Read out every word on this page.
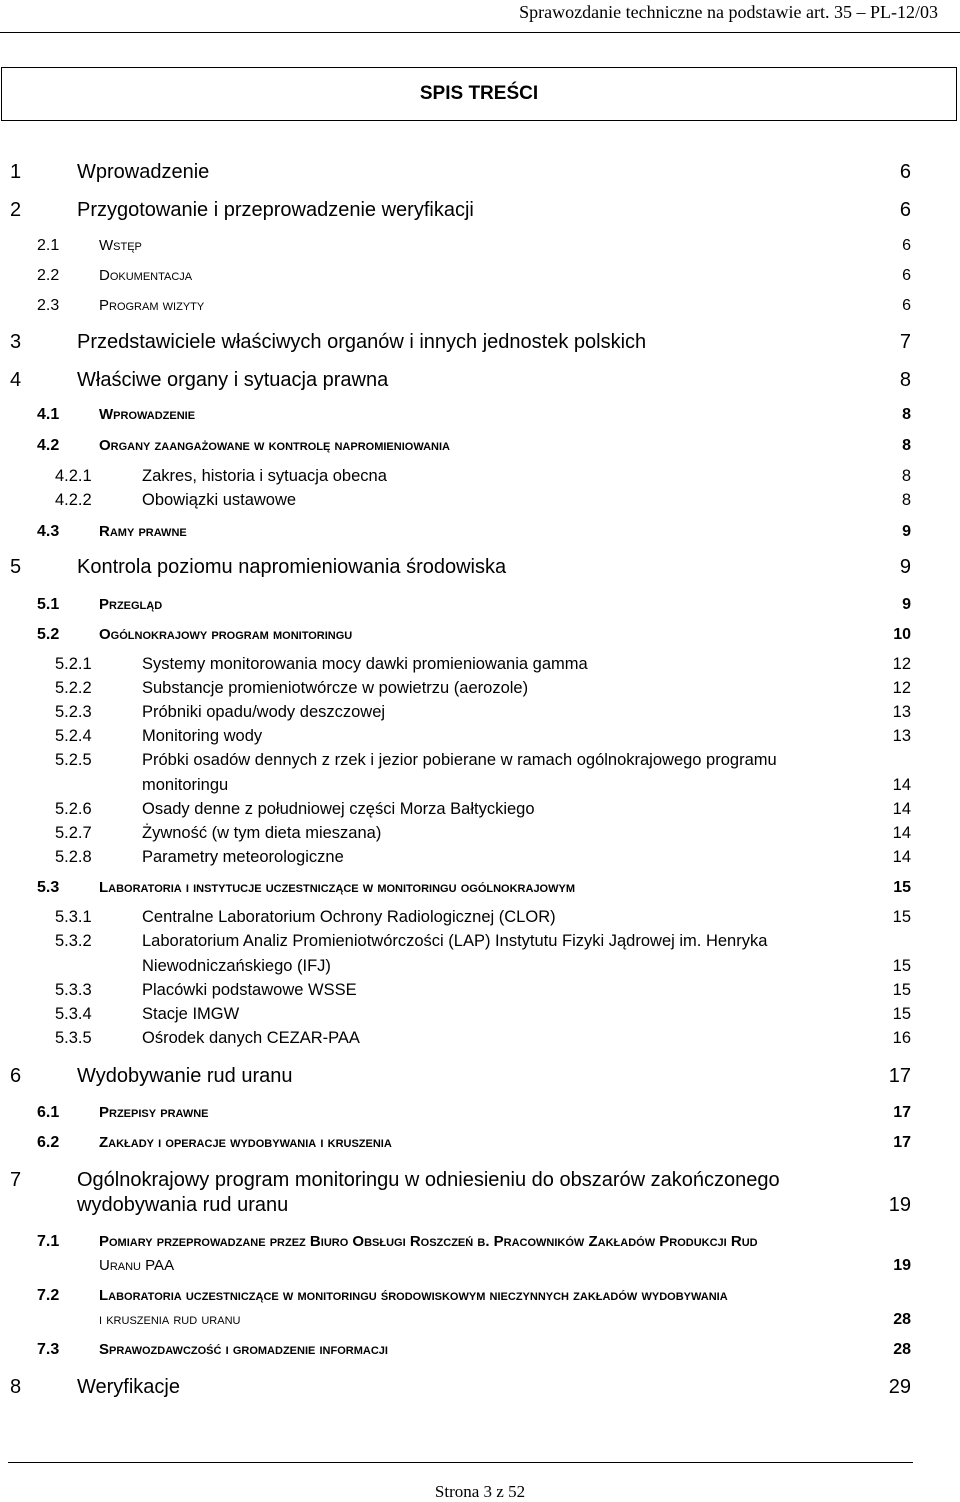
Sprawozdanie techniczne na podstawie art. 35 – PL-12/03
SPIS TREŚCI
1	Wprowadzenie	6
2	Przygotowanie i przeprowadzenie weryfikacji	6
2.1	Wstęp	6
2.2	Dokumentacja	6
2.3	Program wizyty	6
3	Przedstawiciele właściwych organów i innych jednostek polskich	7
4	Właściwe organy i sytuacja prawna	8
4.1	Wprowadzenie	8
4.2	Organy zaangażowane w kontrolę napromieniowania	8
4.2.1	Zakres, historia i sytuacja obecna	8
4.2.2	Obowiązki ustawowe	8
4.3	Ramy prawne	9
5	Kontrola poziomu napromieniowania środowiska	9
5.1	Przegląd	9
5.2	Ogólnokrajowy program monitoringu	10
5.2.1	Systemy monitorowania mocy dawki promieniowania gamma	12
5.2.2	Substancje promieniotwórcze w powietrzu (aerozole)	12
5.2.3	Próbniki opadu/wody deszczowej	13
5.2.4	Monitoring wody	13
5.2.5	Próbki osadów dennych z rzek i jezior pobierane w ramach ogólnokrajowego programu
monitoringu	14
5.2.6	Osady denne z południowej części Morza Bałtyckiego	14
5.2.7	Żywność (w tym dieta mieszana)	14
5.2.8	Parametry meteorologiczne	14
5.3	Laboratoria i instytucje uczestniczące w monitoringu ogólnokrajowym	15
5.3.1	Centralne Laboratorium Ochrony Radiologicznej (CLOR)	15
5.3.2	Laboratorium Analiz Promieniotwórczości (LAP) Instytutu Fizyki Jądrowej im. Henryka
Niewodniczańskiego (IFJ)	15
5.3.3	Placówki podstawowe WSSE	15
5.3.4	Stacje IMGW	15
5.3.5	Ośrodek danych CEZAR-PAA	16
6	Wydobywanie rud uranu	17
6.1	Przepisy prawne	17
6.2	Zakłady i operacje wydobywania i kruszenia	17
7	Ogólnokrajowy program monitoringu w odniesieniu do obszarów zakończonego
wydobywania rud uranu	19
7.1	Pomiary przeprowadzane przez Biuro Obsługi Roszczeń b. Pracowników Zakładów Produkcji Rud
Uranu PAA	19
7.2	Laboratoria uczestniczące w monitoringu środowiskowym nieczynnych zakładów wydobywania
i kruszenia rud uranu	28
7.3	Sprawozdawczość i gromadzenie informacji	28
8	Weryfikacje	29
Strona 3 z 52
